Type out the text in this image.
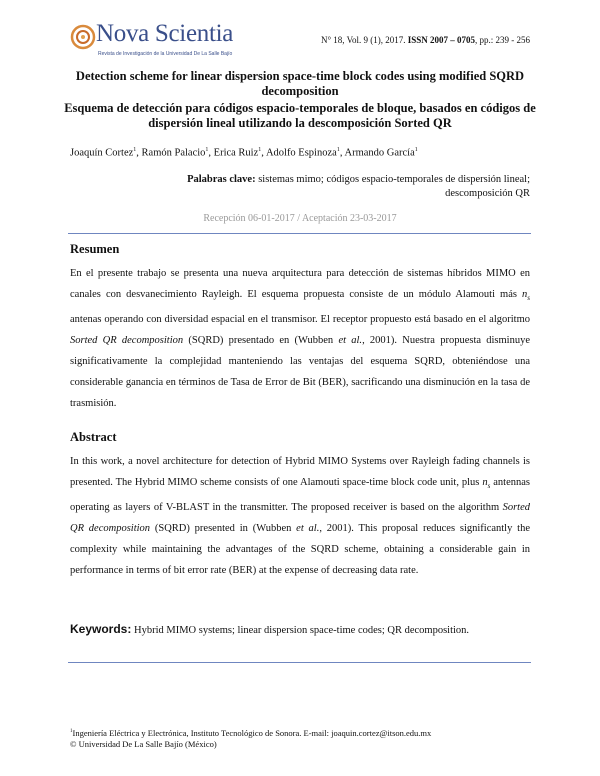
Nova Scientia
Revista de Investigación de la Universidad De La Salle Bajío
N° 18, Vol. 9 (1), 2017. ISSN 2007 – 0705, pp.: 239 - 256
Detection scheme for linear dispersion space-time block codes using modified SQRD decomposition
Esquema de detección para códigos espacio-temporales de bloque, basados en códigos de dispersión lineal utilizando la descomposición Sorted QR
Joaquín Cortez$^1$, Ramón Palacio$^1$, Erica Ruiz$^1$, Adolfo Espinoza$^1$, Armando García$^1$
Palabras clave: sistemas mimo; códigos espacio-temporales de dispersión lineal; descomposición QR
Recepción 06-01-2017 / Aceptación 23-03-2017
Resumen
En el presente trabajo se presenta una nueva arquitectura para detección de sistemas híbridos MIMO en canales con desvanecimiento Rayleigh. El esquema propuesta consiste de un módulo Alamouti más $n_s$ antenas operando con diversidad espacial en el transmisor. El receptor propuesto está basado en el algoritmo Sorted QR decomposition (SQRD) presentado en (Wubben et al., 2001). Nuestra propuesta disminuye significativamente la complejidad manteniendo las ventajas del esquema SQRD, obteniéndose una considerable ganancia en términos de Tasa de Error de Bit (BER), sacrificando una disminución en la tasa de trasmisión.
Abstract
In this work, a novel architecture for detection of Hybrid MIMO Systems over Rayleigh fading channels is presented. The Hybrid MIMO scheme consists of one Alamouti space-time block code unit, plus $n_s$ antennas operating as layers of V-BLAST in the transmitter. The proposed receiver is based on the algorithm Sorted QR decomposition (SQRD) presented in (Wubben et al., 2001). This proposal reduces significantly the complexity while maintaining the advantages of the SQRD scheme, obtaining a considerable gain in performance in terms of bit error rate (BER) at the expense of decreasing data rate.
Keywords: Hybrid MIMO systems; linear dispersion space-time codes; QR decomposition.
$^1$Ingeniería Eléctrica y Electrónica, Instituto Tecnológico de Sonora. E-mail: joaquin.cortez@itson.edu.mx
© Universidad De La Salle Bajío (México)
